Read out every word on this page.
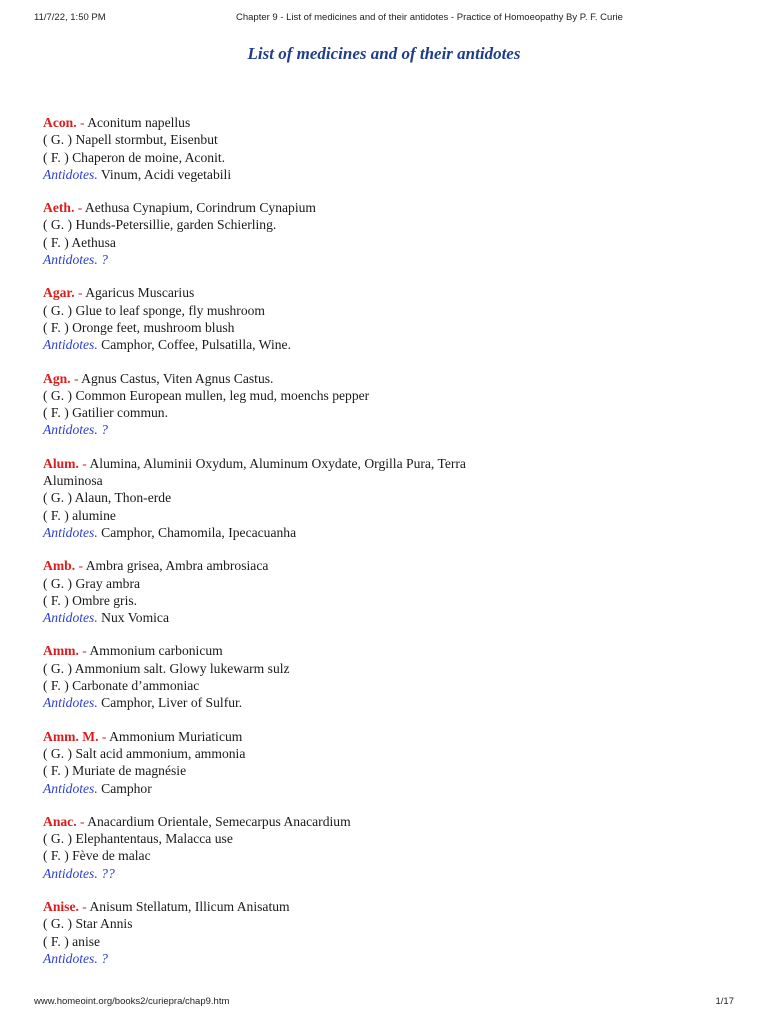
11/7/22, 1:50 PM	Chapter 9 - List of medicines and of their antidotes - Practice of Homoeopathy By P. F. Curie
List of medicines and of their antidotes
Acon. - Aconitum napellus
( G. ) Napell stormbut, Eisenbut
( F. ) Chaperon de moine, Aconit.
Antidotes. Vinum, Acidi vegetabili
Aeth. - Aethusa Cynapium, Corindrum Cynapium
( G. ) Hunds-Petersillie, garden Schierling.
( F. ) Aethusa
Antidotes. ?
Agar. - Agaricus Muscarius
( G. ) Glue to leaf sponge, fly mushroom
( F. ) Oronge feet, mushroom blush
Antidotes. Camphor, Coffee, Pulsatilla, Wine.
Agn. - Agnus Castus, Viten Agnus Castus.
( G. ) Common European mullen, leg mud, moenchs pepper
( F. ) Gatilier commun.
Antidotes. ?
Alum. - Alumina, Aluminii Oxydum, Aluminum Oxydate, Orgilla Pura, Terra Aluminosa
( G. ) Alaun, Thon-erde
( F. ) alumine
Antidotes. Camphor, Chamomila, Ipecacuanha
Amb. - Ambra grisea, Ambra ambrosiaca
( G. ) Gray ambra
( F. ) Ombre gris.
Antidotes. Nux Vomica
Amm. - Ammonium carbonicum
( G. ) Ammonium salt. Glowy lukewarm sulz
( F. ) Carbonate d’ammoniac
Antidotes. Camphor, Liver of Sulfur.
Amm. M. - Ammonium Muriaticum
( G. ) Salt acid ammonium, ammonia
( F. ) Muriate de magnésie
Antidotes. Camphor
Anac. - Anacardium Orientale, Semecarpus Anacardium
( G. ) Elephantentaus, Malacca use
( F. ) Fève de malac
Antidotes. ??
Anise. - Anisum Stellatum, Illicum Anisatum
( G. ) Star Annis
( F. ) anise
Antidotes. ?
www.homeoint.org/books2/curiepra/chap9.htm	1/17
